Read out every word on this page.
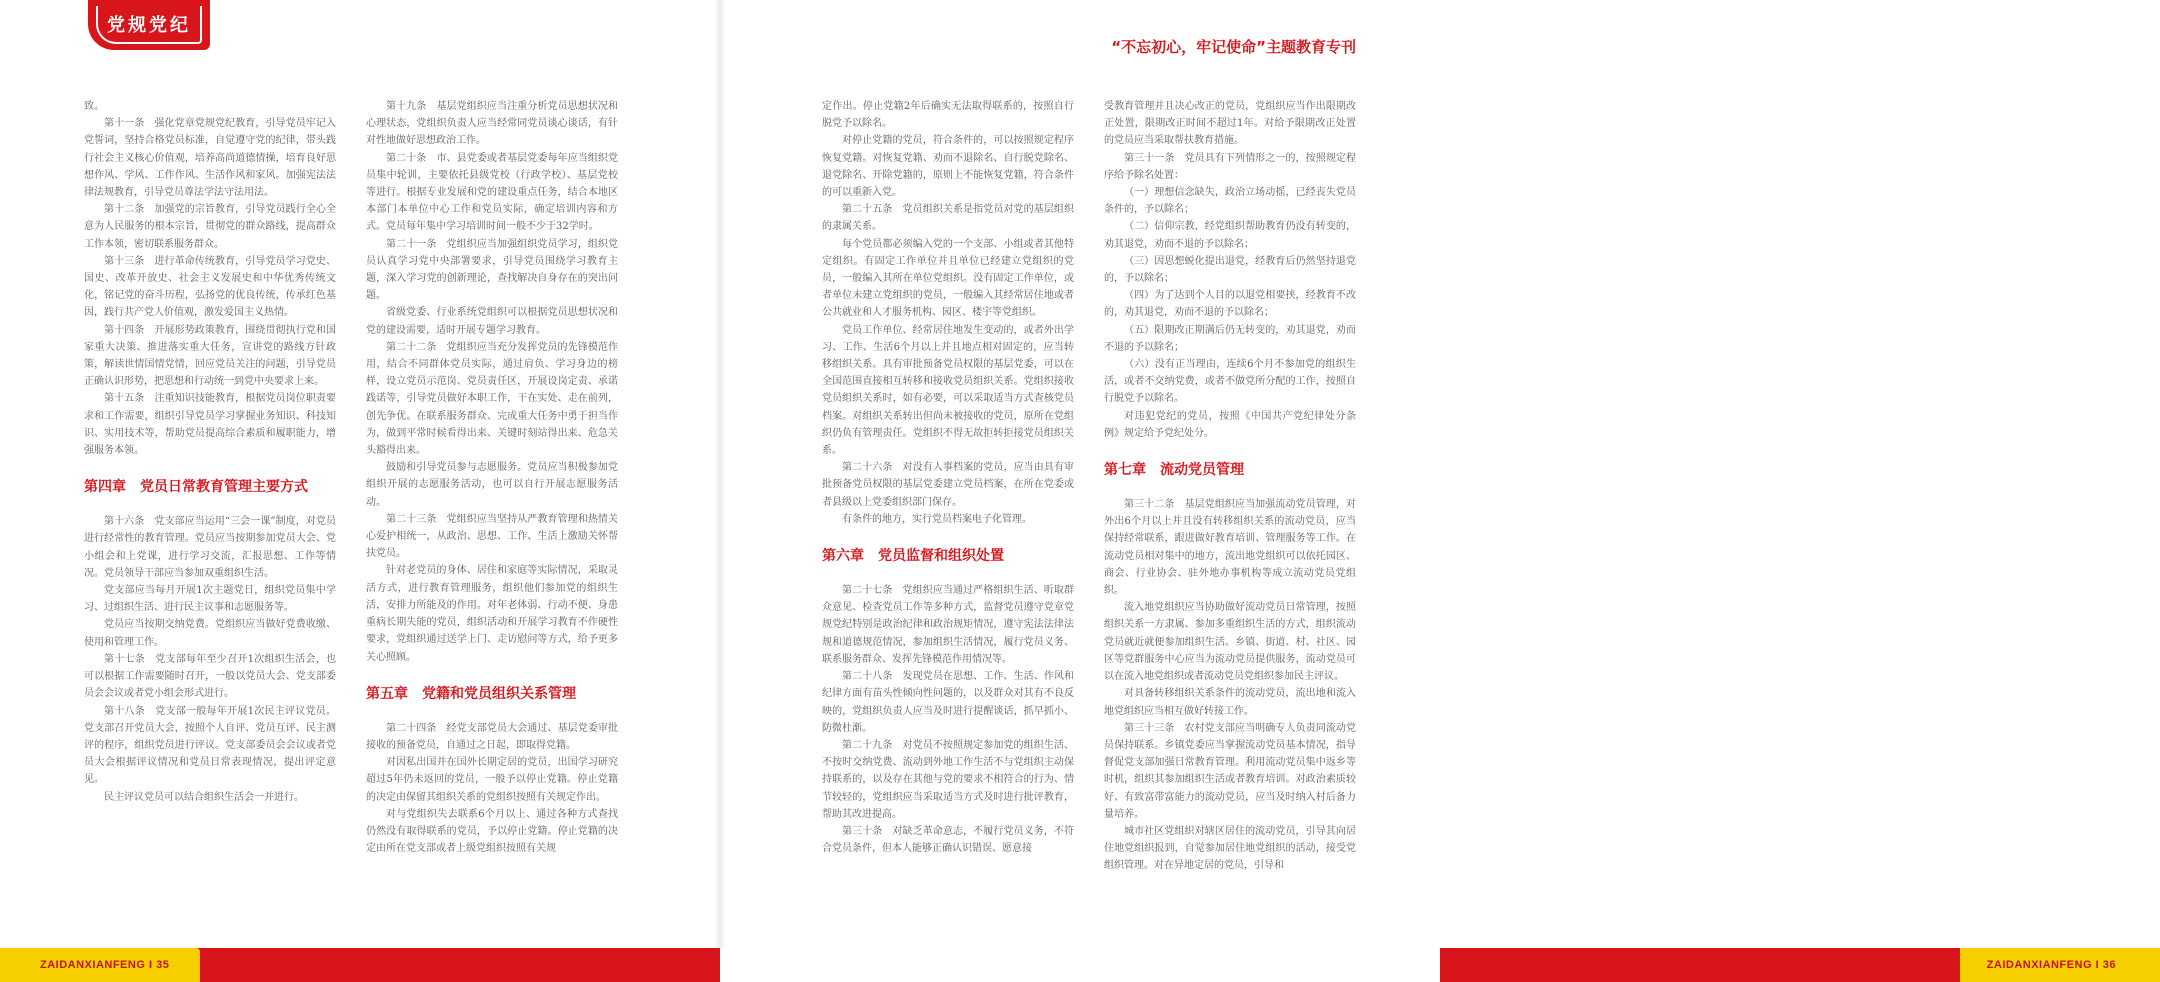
党规党纪

致。

第十一条　强化党章党规党纪教育，引导党员牢记入党誓词，坚持合格党员标准，自觉遵守党的纪律，带头践行社会主义核心价值观，培养高尚道德情操，培育良好思想作风、学风、工作作风、生活作风和家风。加强宪法法律法规教育，引导党员尊法学法守法用法。

第十二条　加强党的宗旨教育，引导党员践行全心全意为人民服务的根本宗旨，贯彻党的群众路线，提高群众工作本领，密切联系服务群众。

第十三条　进行革命传统教育，引导党员学习党史、国史、改革开放史、社会主义发展史和中华优秀传统文化，铭记党的奋斗历程，弘扬党的优良传统，传承红色基因，践行共产党人价值观，激发爱国主义热情。

第十四条　开展形势政策教育，围绕贯彻执行党和国家重大决策、推进落实重大任务，宣讲党的路线方针政策，解读世情国情党情，回应党员关注的问题，引导党员正确认识形势，把思想和行动统一到党中央要求上来。

第十五条　注重知识技能教育，根据党员岗位职责要求和工作需要，组织引导党员学习掌握业务知识、科技知识、实用技术等，帮助党员提高综合素质和履职能力，增强服务本领。

第四章　党员日常教育管理主要方式

第十六条　党支部应当运用“三会一课”制度，对党员进行经常性的教育管理。党员应当按期参加党员大会、党小组会和上党课，进行学习交流，汇报思想、工作等情况。党员领导干部应当参加双重组织生活。

党支部应当每月开展1次主题党日，组织党员集中学习、过组织生活、进行民主议事和志愿服务等。

党员应当按期交纳党费。党组织应当做好党费收缴、使用和管理工作。

第十七条　党支部每年至少召开1次组织生活会，也可以根据工作需要随时召开，一般以党员大会、党支部委员会会议或者党小组会形式进行。

第十八条　党支部一般每年开展1次民主评议党员。党支部召开党员大会，按照个人自评、党员互评、民主测评的程序，组织党员进行评议。党支部委员会会议或者党员大会根据评议情况和党员日常表现情况，提出评定意见。

民主评议党员可以结合组织生活会一并进行。

第十九条　基层党组织应当注重分析党员思想状况和心理状态，党组织负责人应当经常同党员谈心谈话，有针对性地做好思想政治工作。

第二十条　市、县党委或者基层党委每年应当组织党员集中轮训，主要依托县级党校（行政学校）、基层党校等进行。根据专业发展和党的建设重点任务，结合本地区本部门本单位中心工作和党员实际，确定培训内容和方式。党员每年集中学习培训时间一般不少于32学时。

第二十一条　党组织应当加强组织党员学习，组织党员认真学习党中央部署要求，引导党员围绕学习教育主题，深入学习党的创新理论，查找解决自身存在的突出问题。

省级党委、行业系统党组织可以根据党员思想状况和党的建设需要，适时开展专题学习教育。

第二十二条　党组织应当充分发挥党员的先锋模范作用，结合不同群体党员实际，通过肩负、学习身边的榜样，设立党员示范岗、党员责任区，开展设岗定责、承诺践诺等，引导党员做好本职工作，干在实处、走在前列，创先争优。在联系服务群众、完成重大任务中勇于担当作为，做到平常时候看得出来、关键时刻站得出来、危急关头豁得出来。

鼓励和引导党员参与志愿服务。党员应当积极参加党组织开展的志愿服务活动，也可以自行开展志愿服务活动。

第二十三条　党组织应当坚持从严教育管理和热情关心爱护相统一，从政治、思想、工作、生活上激励关怀帮扶党员。

针对老党员的身体、居住和家庭等实际情况，采取灵活方式，进行教育管理服务，组织他们参加党的组织生活，安排力所能及的作用。对年老体弱、行动不便、身患重病长期失能的党员，组织活动和开展学习教育不作硬性要求，党组织通过送学上门、走访慰问等方式，给予更多关心照顾。

第五章　党籍和党员组织关系管理

第二十四条　经党支部党员大会通过、基层党委审批接收的预备党员，自通过之日起，即取得党籍。

对因私出国并在国外长期定居的党员，出国学习研究超过5年仍未返回的党员，一般予以停止党籍。停止党籍的决定由保留其组织关系的党组织按照有关规定作出。

对与党组织失去联系6个月以上、通过各种方式查找仍然没有取得联系的党员，予以停止党籍。停止党籍的决定由所在党支部或者上级党组织按照有关规

ZAIDANXIANFENG I 35
“不忘初心，牢记使命”主题教育专刊

定作出。停止党籍2年后确实无法取得联系的，按照自行脱党予以除名。

对停止党籍的党员，符合条件的，可以按照规定程序恢复党籍。对恢复党籍、劝而不退除名、自行脱党除名、退党除名、开除党籍的，原则上不能恢复党籍，符合条件的可以重新入党。

第二十五条　党员组织关系是指党员对党的基层组织的隶属关系。

每个党员都必须编入党的一个支部、小组或者其他特定组织。有固定工作单位并且单位已经建立党组织的党员，一般编入其所在单位党组织。没有固定工作单位，或者单位未建立党组织的党员，一般编入其经常居住地或者公共就业和人才服务机构、园区、楼宇等党组织。

党员工作单位、经常居住地发生变动的，或者外出学习、工作、生活6个月以上并且地点相对固定的，应当转移组织关系。具有审批预备党员权限的基层党委，可以在全国范围直接相互转移和接收党员组织关系。党组织接收党员组织关系时，如有必要，可以采取适当方式查核党员档案。对组织关系转出但尚未被接收的党员，原所在党组织仍负有管理责任。党组织不得无故拒转拒接党员组织关系。

第二十六条　对没有人事档案的党员，应当由具有审批预备党员权限的基层党委建立党员档案，在所在党委或者县级以上党委组织部门保存。

有条件的地方，实行党员档案电子化管理。

第六章　党员监督和组织处置

第二十七条　党组织应当通过严格组织生活、听取群众意见、检查党员工作等多种方式，监督党员遵守党章党规党纪特别是政治纪律和政治规矩情况，遵守宪法法律法规和道德规范情况，参加组织生活情况，履行党员义务、联系服务群众、发挥先锋模范作用情况等。

第二十八条　发现党员在思想、工作、生活、作风和纪律方面有苗头性倾向性问题的，以及群众对其有不良反映的，党组织负责人应当及时进行提醒谈话，抓早抓小、防微杜渐。

第二十九条　对党员不按照规定参加党的组织生活、不按时交纳党费、流动到外地工作生活不与党组织主动保持联系的，以及存在其他与党的要求不相符合的行为、情节较轻的，党组织应当采取适当方式及时进行批评教育，帮助其改进提高。

第三十条　对缺乏革命意志，不履行党员义务，不符合党员条件，但本人能够正确认识错误、愿意接

受教育管理并且决心改正的党员，党组织应当作出限期改正处置，限期改正时间不超过1年。对给予限期改正处置的党员应当采取帮扶教育措施。

第三十一条　党员具有下列情形之一的，按照规定程序给予除名处置：

（一）理想信念缺失，政治立场动摇，已经丧失党员条件的，予以除名；

（二）信仰宗教，经党组织帮助教育仍没有转变的，劝其退党，劝而不退的予以除名；

（三）因思想蜕化提出退党，经教育后仍然坚持退党的，予以除名；

（四）为了达到个人目的以退党相要挟，经教育不改的，劝其退党，劝而不退的予以除名；

（五）限期改正期满后仍无转变的，劝其退党，劝而不退的予以除名；

（六）没有正当理由，连续6个月不参加党的组织生活，或者不交纳党费，或者不做党所分配的工作，按照自行脱党予以除名。

对违犯党纪的党员，按照《中国共产党纪律处分条例》规定给予党纪处分。

第七章　流动党员管理

第三十二条　基层党组织应当加强流动党员管理，对外出6个月以上并且没有转移组织关系的流动党员，应当保持经常联系，跟进做好教育培训、管理服务等工作。在流动党员相对集中的地方，流出地党组织可以依托园区、商会、行业协会、驻外地办事机构等成立流动党员党组织。

流入地党组织应当协助做好流动党员日常管理，按照组织关系一方隶属、参加多重组织生活的方式，组织流动党员就近就便参加组织生活。乡镇、街道、村、社区、园区等党群服务中心应当为流动党员提供服务，流动党员可以在流入地党组织或者流动党员党组织参加民主评议。

对具备转移组织关系条件的流动党员，流出地和流入地党组织应当相互做好转接工作。

第三十三条　农村党支部应当明确专人负责同流动党员保持联系。乡镇党委应当掌握流动党员基本情况，指导督促党支部加强日常教育管理。利用流动党员集中返乡等时机，组织其参加组织生活或者教育培训。对政治素质较好、有致富带富能力的流动党员，应当及时纳入村后备力量培养。

城市社区党组织对辖区居住的流动党员，引导其向居住地党组织报到，自觉参加居住地党组织的活动，接受党组织管理。对在异地定居的党员，引导和

ZAIDANXIANFENG I 36
